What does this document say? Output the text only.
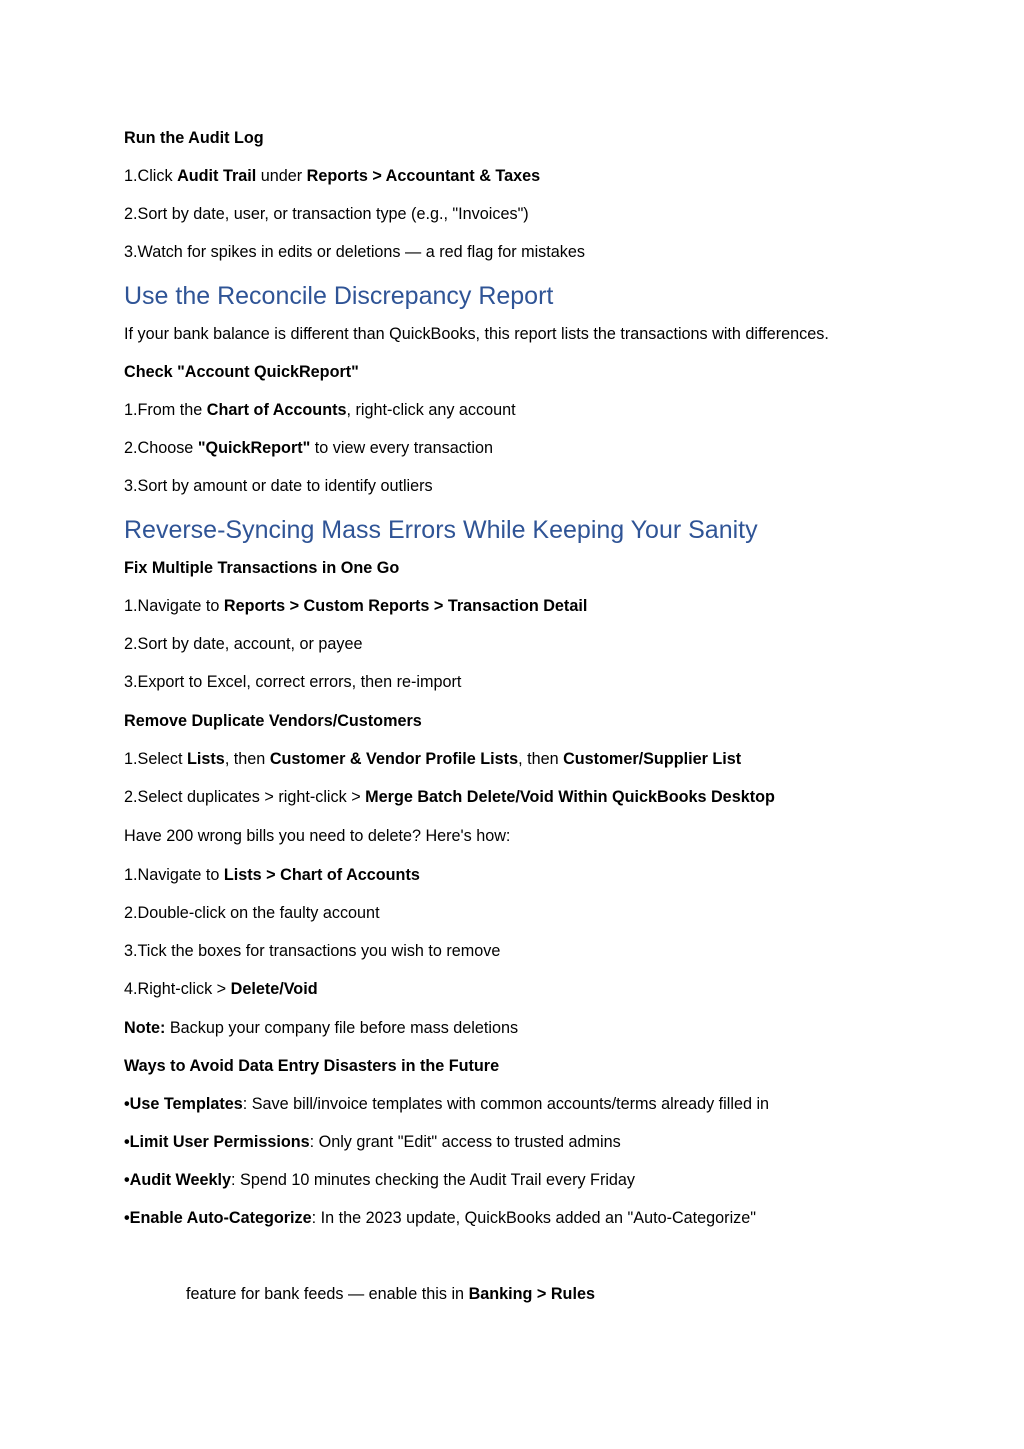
Run the Audit Log
1.Click Audit Trail under Reports > Accountant & Taxes
2.Sort by date, user, or transaction type (e.g., "Invoices")
3.Watch for spikes in edits or deletions — a red flag for mistakes
Use the Reconcile Discrepancy Report
If your bank balance is different than QuickBooks, this report lists the transactions with differences.
Check "Account QuickReport"
1.From the Chart of Accounts, right-click any account
2.Choose "QuickReport" to view every transaction
3.Sort by amount or date to identify outliers
Reverse-Syncing Mass Errors While Keeping Your Sanity
Fix Multiple Transactions in One Go
1.Navigate to Reports > Custom Reports > Transaction Detail
2.Sort by date, account, or payee
3.Export to Excel, correct errors, then re-import
Remove Duplicate Vendors/Customers
1.Select Lists, then Customer & Vendor Profile Lists, then Customer/Supplier List
2.Select duplicates > right-click > Merge Batch Delete/Void Within QuickBooks Desktop
Have 200 wrong bills you need to delete? Here's how:
1.Navigate to Lists > Chart of Accounts
2.Double-click on the faulty account
3.Tick the boxes for transactions you wish to remove
4.Right-click > Delete/Void
Note: Backup your company file before mass deletions
Ways to Avoid Data Entry Disasters in the Future
•Use Templates: Save bill/invoice templates with common accounts/terms already filled in
•Limit User Permissions: Only grant "Edit" access to trusted admins
•Audit Weekly: Spend 10 minutes checking the Audit Trail every Friday
•Enable Auto-Categorize: In the 2023 update, QuickBooks added an "Auto-Categorize"
feature for bank feeds — enable this in Banking > Rules
